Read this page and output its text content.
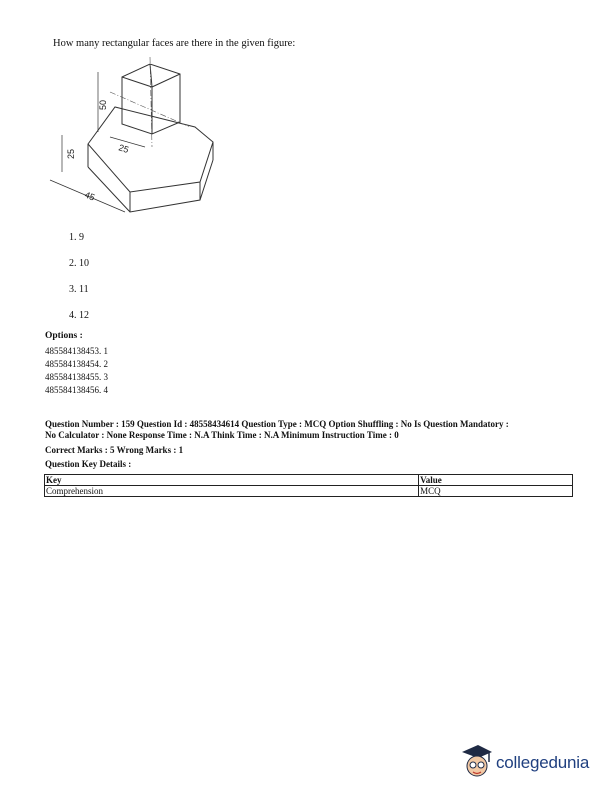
How many rectangular faces are there in the given figure:
50
25	25
45
1. 9
2. 10
3. 11
4. 12
Options :
485584138453. 1
485584138454. 2
485584138455. 3
485584138456. 4
Question Number : 159 Question Id : 48558434614 Question Type : MCQ Option Shuffling : No Is Question Mandatory :
No Calculator : None Response Time : N.A Think Time : N.A Minimum Instruction Time : 0
Correct Marks : 5 Wrong Marks : 1
Question Key Details :
Key	Value
Comprehension	MCQ
collegedunia
